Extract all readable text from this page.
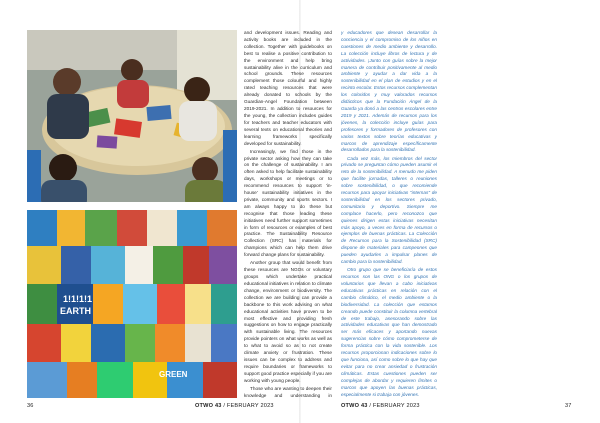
1!1!1!1
EARTH
GREEN

and development issues. Reading and activity books are included in the collection. Together with guidebooks on best to realise a positive contribution to the environment and help bring sustainability alive in the curriculum and school grounds. These resources complement those colourful and highly rated teaching resources that were already donated to schools by the Guardian-Angel Foundation between 2019-2021. In addition to resources for the young, the collection includes guides for teachers and teacher educators with several texts on educational theories and learning frameworks specifically developed for sustainability.

Increasingly, we find those in the private sector asking how they can take on the challenge of sustainability. I am often asked to help facilitate sustainability days, workshops or meetings or to recommend resources to support 'in-house' sustainability initiatives in the private, community and sports sectors. I am always happy to do these but recognise that those leading these initiatives need further support sometimes in form of resources or examples of best practice. The Sustainability Resource Collection (SRC) has materials for champions which can help them drive forward change plans for sustainability.

Another group that would benefit from these resources are NGOs or voluntary groups which undertake practical educational initiatives in relation to climate change, environment or biodiversity. The collection we are building can provide a backbone to this work advising on what educational activities have proven to be most effective and providing fresh suggestions on how to engage practically with sustainable living. The resources provide pointers on what works as well as to what to avoid so as to not create climate anxiety or frustration. These issues can be complex to address and require boundaries or frameworks to support good practice especially if you are working with young people.

Those who are wanting to deepen their knowledge and understanding in

y educadores que desean desarrollar la conciencia y el compromiso de los niños en cuestiones de medio ambiente y desarrollo. La colección incluye libros de lectura y de actividades. ¡Junto con guías sobre la mejor manera de contribuir positivamente al medio ambiente y ayudar a dar vida a la sostenibilidad en el plan de estudios y en el recinto escolar. Estos recursos complementan los coloridos y muy valorados recursos didácticos que la Fundación Ángel de la Guarda ya donó a las centros escolares entre 2019 y 2021. Además de recursos para los jóvenes, la colección incluye guías para profesores y formadores de profesores con varios textos sobre teorías educativas y marcos de aprendizaje específicamente desarrollados para la sostenibilidad.

Cada vez más, los miembros del sector privado se preguntan cómo pueden asumir el reto de la sostenibilidad. A menudo me piden que facilite jornadas, talleres o reuniones sobre sostenibilidad, o que recomiende recursos para apoyar iniciativas "internas" de sostenibilidad en los sectores privado, comunitario y deportivo. Siempre me complace hacerlo, pero reconozco que quienes dirigen estas iniciativas necesitan más apoyo, a veces en forma de recursos o ejemplos de buenas prácticas. La Colección de Recursos para la Sostenibilidad (SRC) dispone de materiales para campeones que pueden ayudarles a impulsar planes de cambio para la sostenibilidad.

Otro grupo que se beneficiaría de estos recursos son las ONG o los grupos de voluntarios que llevan a cabo iniciativas educativas prácticas en relación con el cambio climático, el medio ambiente o la biodiversidad. La colección que estamos creando puede constituir la columna vertebral de este trabajo, asesorando sobre las actividades educativas que han demostrado ser más eficaces y aportando nuevas sugerencias sobre cómo comprometerse de forma práctica con la vida sostenible. Los recursos proporcionan indicaciones sobre lo que funciona, así como sobre lo que hay que evitar para no crear ansiedad o frustración climáticas. Estas cuestiones pueden ser complejas de abordar y requieren límites o marcos que apoyen las buenas prácticas, especialmente si trabaja con jóvenes.

36	OTWO 43 / FEBRUARY 2023	OTWO 43 / FEBRUARY 2023	37
